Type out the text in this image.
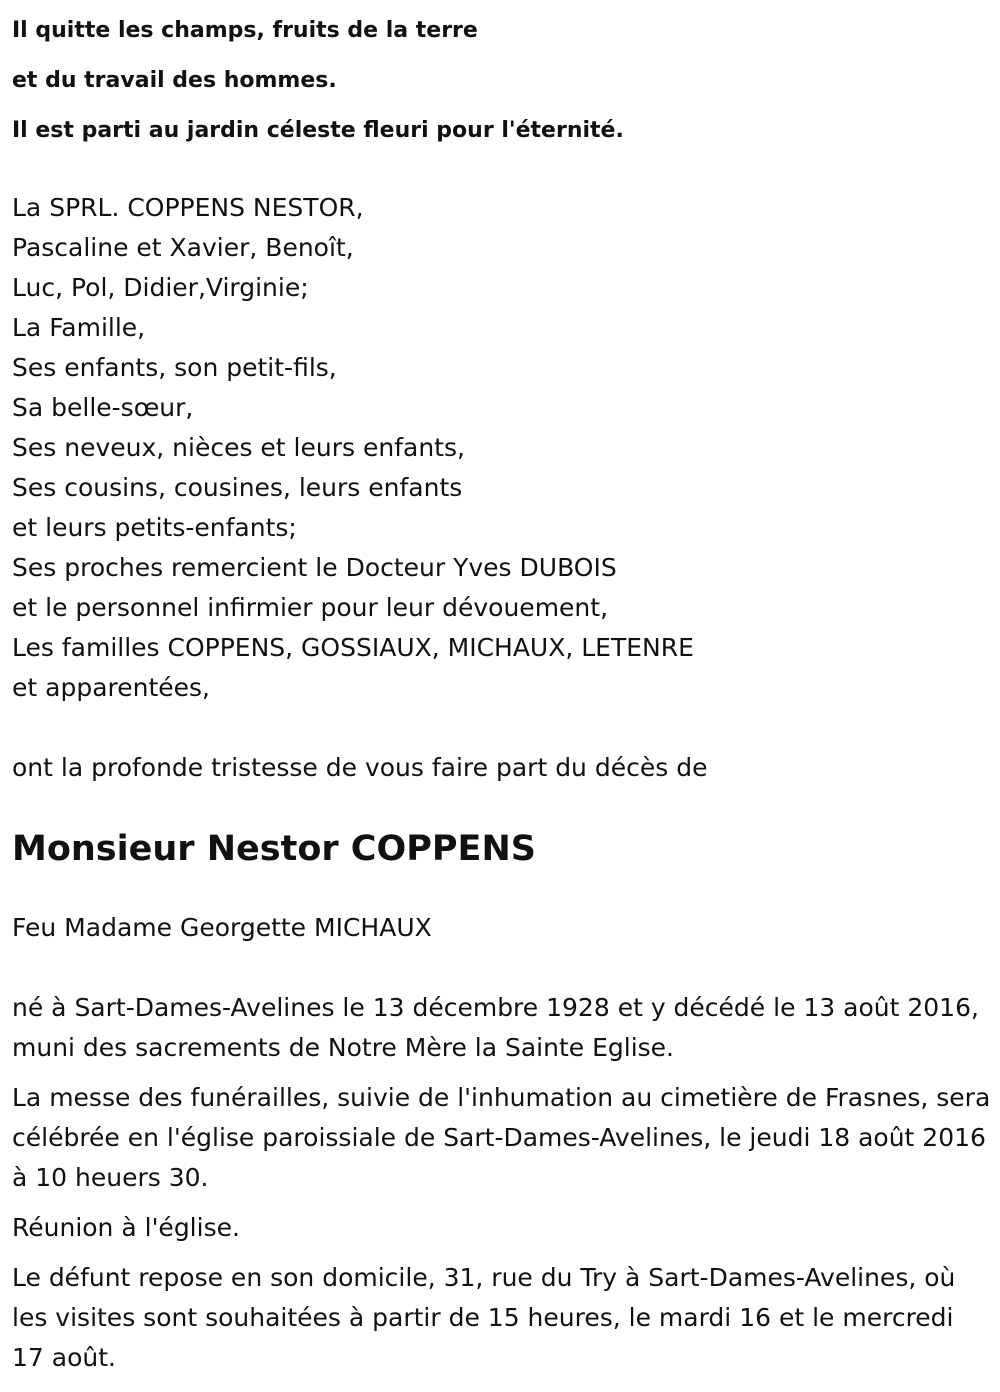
Il quitte les champs, fruits de la terre

et du travail des hommes.

Il est parti au jardin céleste fleuri pour l'éternité.

La SPRL. COPPENS NESTOR,

Pascaline et Xavier, Benoît,

Luc, Pol, Didier,Virginie;

La Famille,

Ses enfants, son petit-fils,

Sa belle-sœur,

Ses neveux, nièces et leurs enfants,

Ses cousins, cousines, leurs enfants

et leurs petits-enfants;

Ses proches remercient le Docteur Yves DUBOIS

et le personnel infirmier pour leur dévouement,

Les familles COPPENS, GOSSIAUX, MICHAUX, LETENRE

et apparentées,

ont la profonde tristesse de vous faire part du décès de

Monsieur Nestor COPPENS

Feu Madame Georgette MICHAUX

né à Sart-Dames-Avelines le 13 décembre 1928 et y décédé le 13 août 2016, muni des sacrements de Notre Mère la Sainte Eglise.

La messe des funérailles, suivie de l'inhumation au cimetière de Frasnes, sera célébrée en l'église paroissiale de Sart-Dames-Avelines, le jeudi 18 août 2016 à 10 heuers 30.

Réunion à l'église.

Le défunt repose en son domicile, 31, rue du Try à Sart-Dames-Avelines, où les visites sont souhaitées à partir de 15 heures, le mardi 16 et le mercredi 17 août.
